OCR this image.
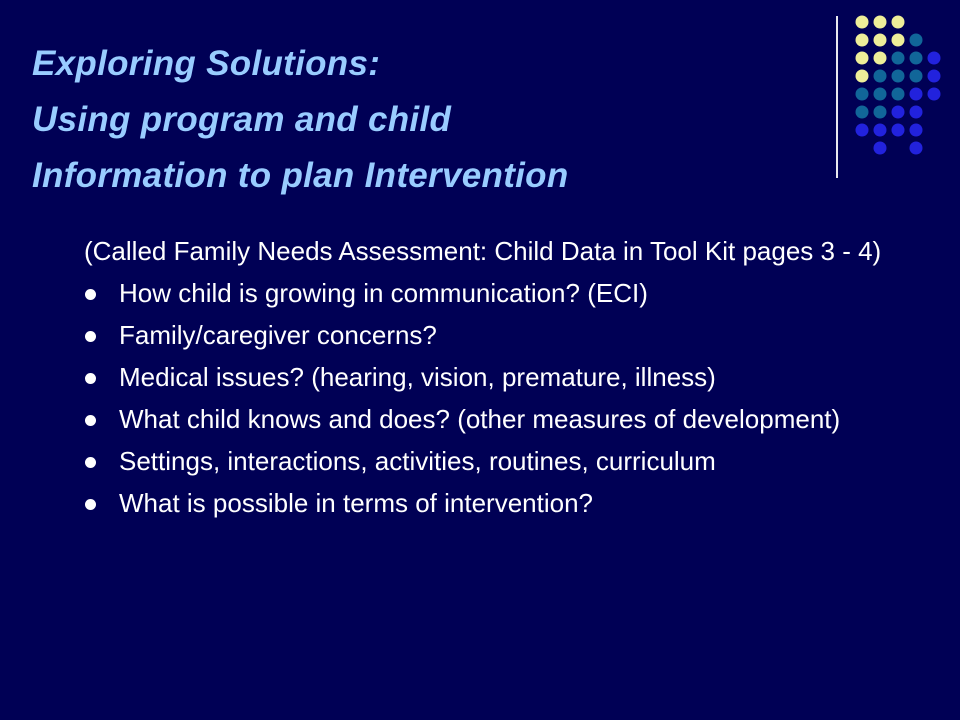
Exploring Solutions:
Using program and child
Information to plan Intervention
(Called Family Needs Assessment: Child Data in Tool Kit pages 3 - 4)
How child is growing in communication? (ECI)
Family/caregiver concerns?
Medical issues? (hearing, vision, premature, illness)
What child knows and does? (other measures of development)
Settings, interactions, activities, routines, curriculum
What is possible in terms of intervention?
